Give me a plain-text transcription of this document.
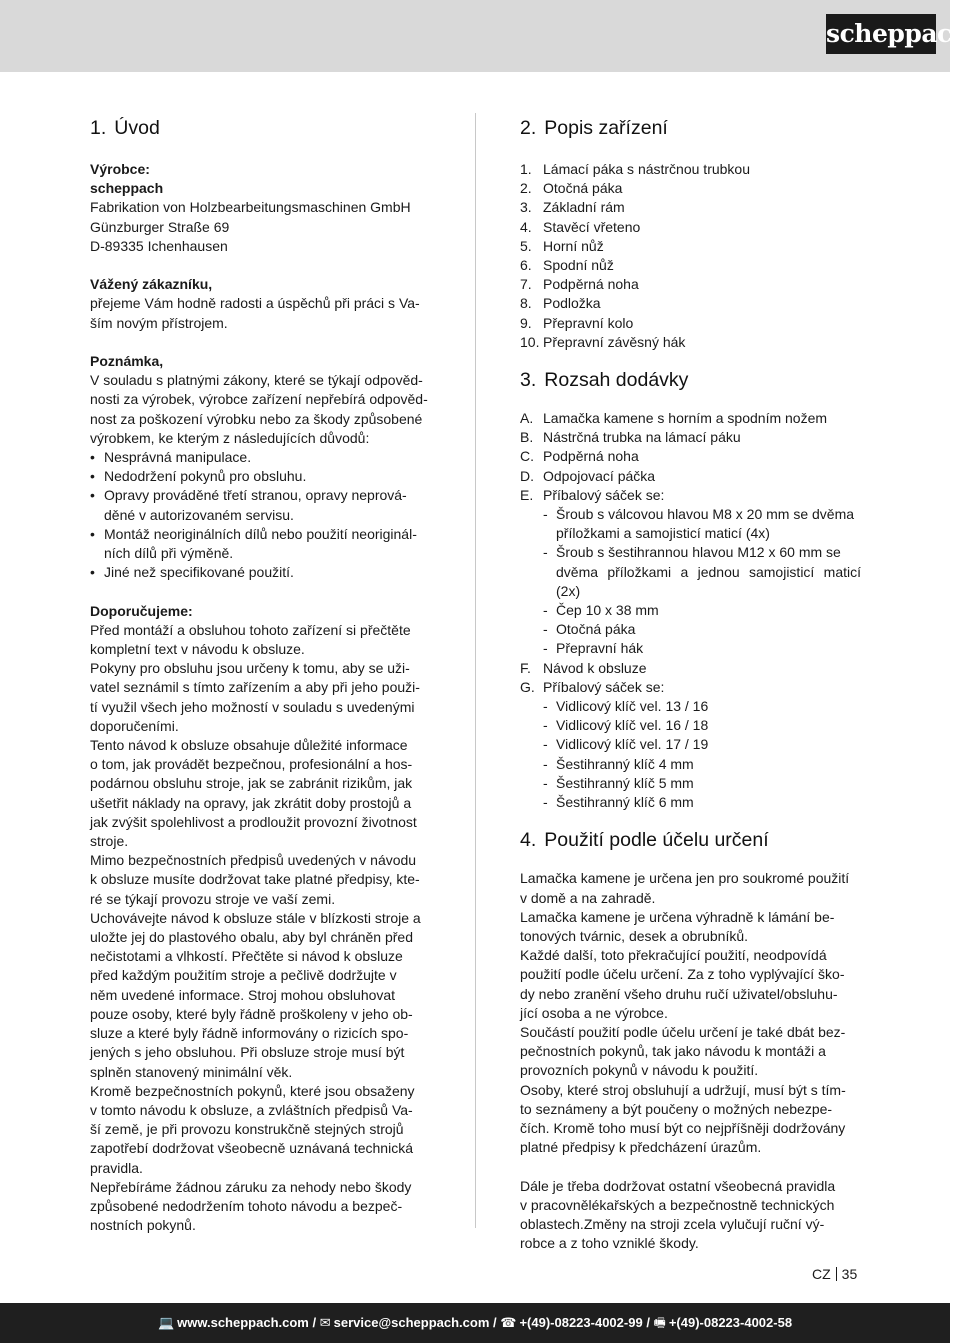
scheppach
1. Úvod

Výrobce:

scheppach

Fabrikation von Holzbearbeitungsmaschinen GmbH

Günzburger Straße 69

D-89335 Ichenhausen

Vážený zákazníku,

přejeme Vám hodně radosti a úspěchů při práci s Va-

ším novým přístrojem.

Poznámka,

V souladu s platnými zákony, které se týkají odpověd-

nosti za výrobek, výrobce zařízení nepřebírá odpověd-

nost za poškození výrobku nebo za škody způsobené

výrobkem, ke kterým z následujících důvodů:

• Nesprávná manipulace.

• Nedodržení pokynů pro obsluhu.

• Opravy prováděné třetí stranou, opravy neprová-

děné v autorizovaném servisu.

• Montáž neoriginálních dílů nebo použití neoriginál-

ních dílů při výměně.

• Jiné než specifikované použití.

Doporučujeme:

Před montáží a obsluhou tohoto zařízení si přečtěte

kompletní text v návodu k obsluze.

Pokyny pro obsluhu jsou určeny k tomu, aby se uži-

vatel seznámil s tímto zařízením a aby při jeho použi-

tí využil všech jeho možností v souladu s uvedenými

doporučeními.

Tento návod k obsluze obsahuje důležité informace

o tom, jak provádět bezpečnou, profesionální a hos-

podárnou obsluhu stroje, jak se zabránit rizikům, jak

ušetřit náklady na opravy, jak zkrátit doby prostojů a

jak zvýšit spolehlivost a prodloužit provozní životnost

stroje.

Mimo bezpečnostních předpisů uvedených v návodu

k obsluze musíte dodržovat take platné předpisy, kte-

ré se týkají provozu stroje ve vaší zemi.

Uchovávejte návod k obsluze stále v blízkosti stroje a

uložte jej do plastového obalu, aby byl chráněn před

nečistotami a vlhkostí. Přečtěte si návod k obsluze

před každým použitím stroje a pečlivě dodržujte v

něm uvedené informace. Stroj mohou obsluhovat

pouze osoby, které byly řádně proškoleny v jeho ob-

sluze a které byly řádně informovány o rizicích spo-

jených s jeho obsluhou. Při obsluze stroje musí být

splněn stanovený minimální věk.

Kromě bezpečnostních pokynů, které jsou obsaženy

v tomto návodu k obsluze, a zvláštních předpisů Va-

ší země, je při provozu konstrukčně stejných strojů

zapotřebí dodržovat všeobecně uznávaná technická

pravidla.

Nepřebíráme žádnou záruku za nehody nebo škody

způsobené nedodržením tohoto návodu a bezpeč-

nostních pokynů.

2. Popis zařízení
1. Lámací páka s nástrčnou trubkou
2. Otočná páka
3. Základní rám
4. Stavěcí vřeteno
5. Horní nůž
6. Spodní nůž
7. Podpěrná noha
8. Podložka
9. Přepravní kolo
10. Přepravní závěsný hák
3. Rozsah dodávky
A. Lamačka kamene s horním a spodním nožem
B. Nástrčná trubka na lámací páku
C. Podpěrná noha
D. Odpojovací páčka
E. Příbalový sáček se:
- Šroub s válcovou hlavou M8 x 20 mm se dvěma

příložkami a samojisticí maticí (4x)

- Šroub s šestihrannou hlavou M12 x 60 mm se

dvěma příložkami a jednou samojisticí maticí (2x)

- Čep 10 x 38 mm

- Otočná páka

- Přepravní hák

F. Návod k obsluze
G. Příbalový sáček se:
- Vidlicový klíč vel. 13 / 16
- Vidlicový klíč vel. 16 / 18
- Vidlicový klíč vel. 17 / 19
- Šestihranný klíč 4 mm
- Šestihranný klíč 5 mm
- Šestihranný klíč 6 mm
4. Použití podle účelu určení

Lamačka kamene je určena jen pro soukromé použití

v domě a na zahradě.

Lamačka kamene je určena výhradně k lámání be-

tonových tvárnic, desek a obrubníků.

Každé další, toto překračující použití, neodpovídá

použití podle účelu určení. Za z toho vyplývající ško-

dy nebo zranění všeho druhu ručí uživatel/obsluhu-

jící osoba a ne výrobce.

Součástí použití podle účelu určení je také dbát bez-

pečnostních pokynů, tak jako návodu k montáži a

provozních pokynů v návodu k použití.

Osoby, které stroj obsluhují a udržují, musí být s tím-

to seznámeny a být poučeny o možných nebezpe-

čích. Kromě toho musí být co nejpříšněji dodržovány

platné předpisy k předcházení úrazům.

Dále je třeba dodržovat ostatní všeobecná pravidla

v pracovnělékařských a bezpečnostně technických

oblastech.Změny na stroji zcela vylučují ruční vý-

robce a z toho vzniklé škody.

CZ 35
💻 www.scheppach.com / ✉ service@scheppach.com / ☎ +(49)-08223-4002-99 / 🖷 +(49)-08223-4002-58
